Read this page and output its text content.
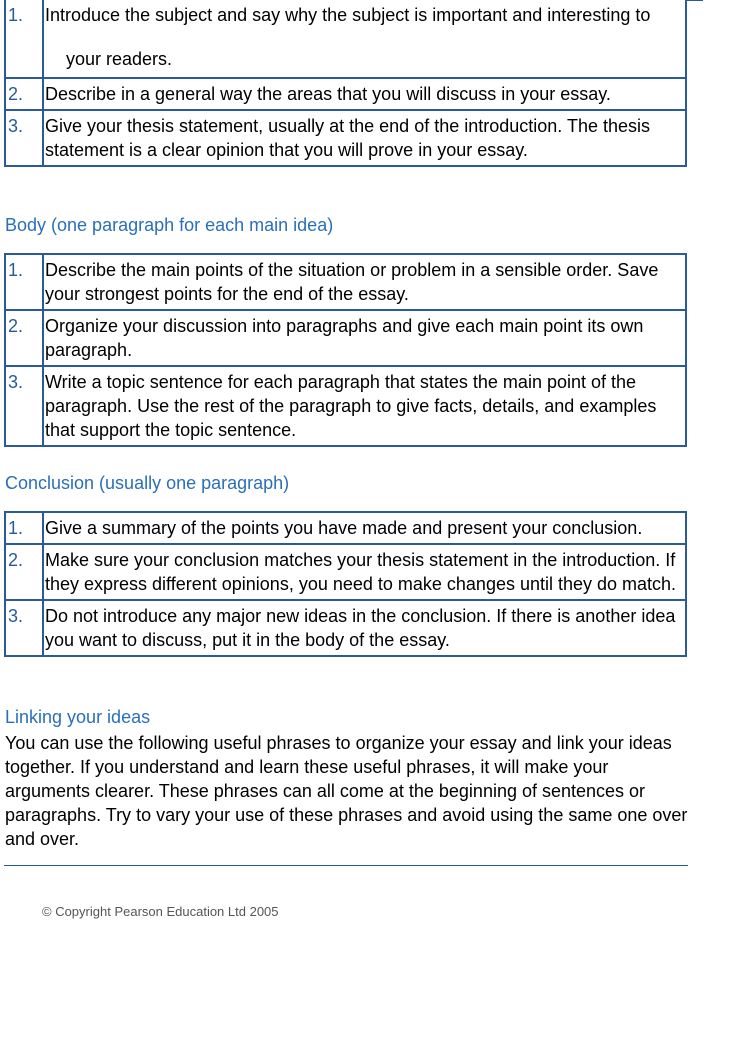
1.	Introduce the subject and say why the subject is important and interesting to
your readers.

2.	Describe in a general way the areas that you will discuss in your essay.
3.	Give your thesis statement, usually at the end of the introduction. The thesis statement is a clear opinion that you will prove in your essay.
Body (one paragraph for each main idea)
1.	Describe the main points of the situation or problem in a sensible order. Save your strongest points for the end of the essay.
2.	Organize your discussion into paragraphs and give each main point its own paragraph.
3.	Write a topic sentence for each paragraph that states the main point of the paragraph. Use the rest of the paragraph to give facts, details, and examples that support the topic sentence.
Conclusion (usually one paragraph)
1.	Give a summary of the points you have made and present your conclusion.
2.	Make sure your conclusion matches your thesis statement in the introduction. If they express different opinions, you need to make changes until they do match.
3.	Do not introduce any major new ideas in the conclusion. If there is another idea you want to discuss, put it in the body of the essay.
Linking your ideas

You can use the following useful phrases to organize your essay and link your ideas together. If you understand and learn these useful phrases, it will make your arguments clearer. These phrases can all come at the beginning of sentences or paragraphs. Try to vary your use of these phrases and avoid using the same one over and over.

© Copyright Pearson Education Ltd 2005
